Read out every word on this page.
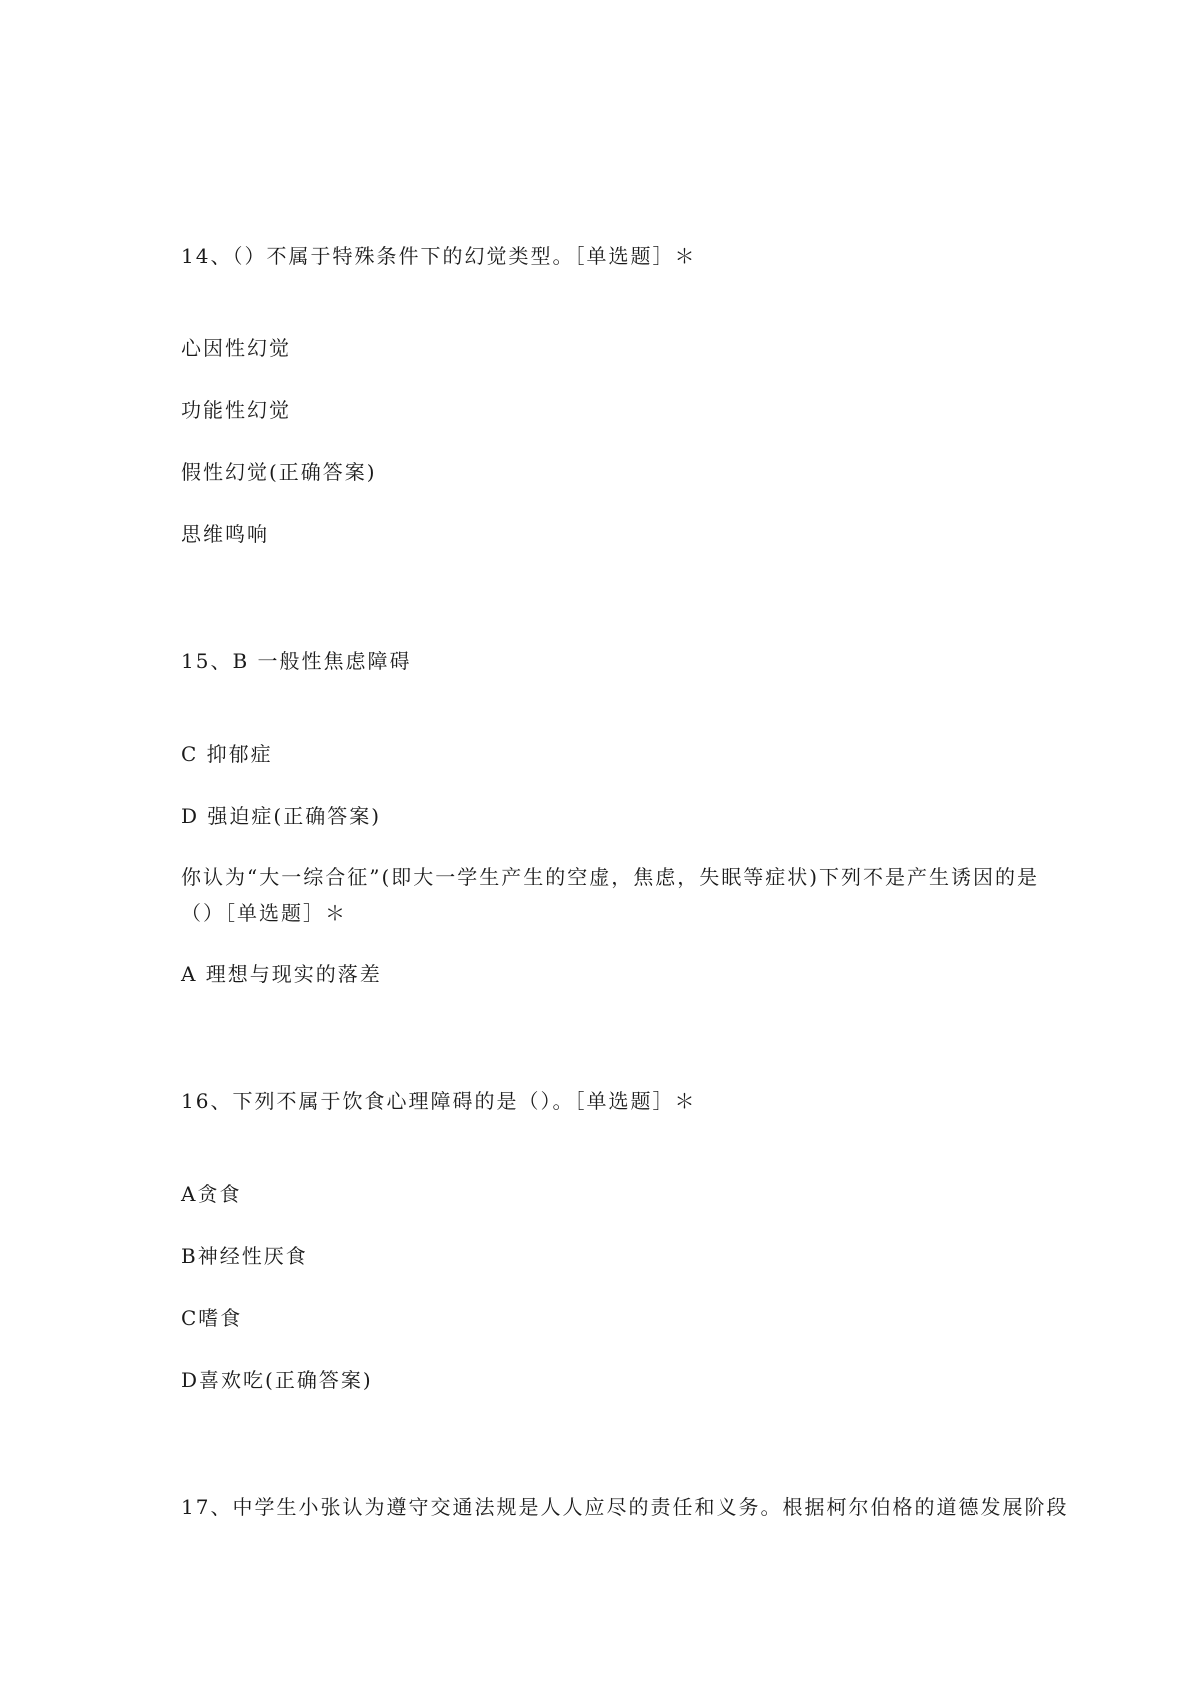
14、（）不属于特殊条件下的幻觉类型。［单选题］＊
心因性幻觉
功能性幻觉
假性幻觉(正确答案)
思维鸣响
15、B 一般性焦虑障碍
C 抑郁症
D 强迫症(正确答案)
你认为“大一综合征”(即大一学生产生的空虚，焦虑，失眠等症状)下列不是产生诱因的是
（）［单选题］＊
A 理想与现实的落差
16、下列不属于饮食心理障碍的是（）。［单选题］＊
A贪食
B神经性厌食
C嗜食
D喜欢吃(正确答案)
17、中学生小张认为遵守交通法规是人人应尽的责任和义务。根据柯尔伯格的道德发展阶段
